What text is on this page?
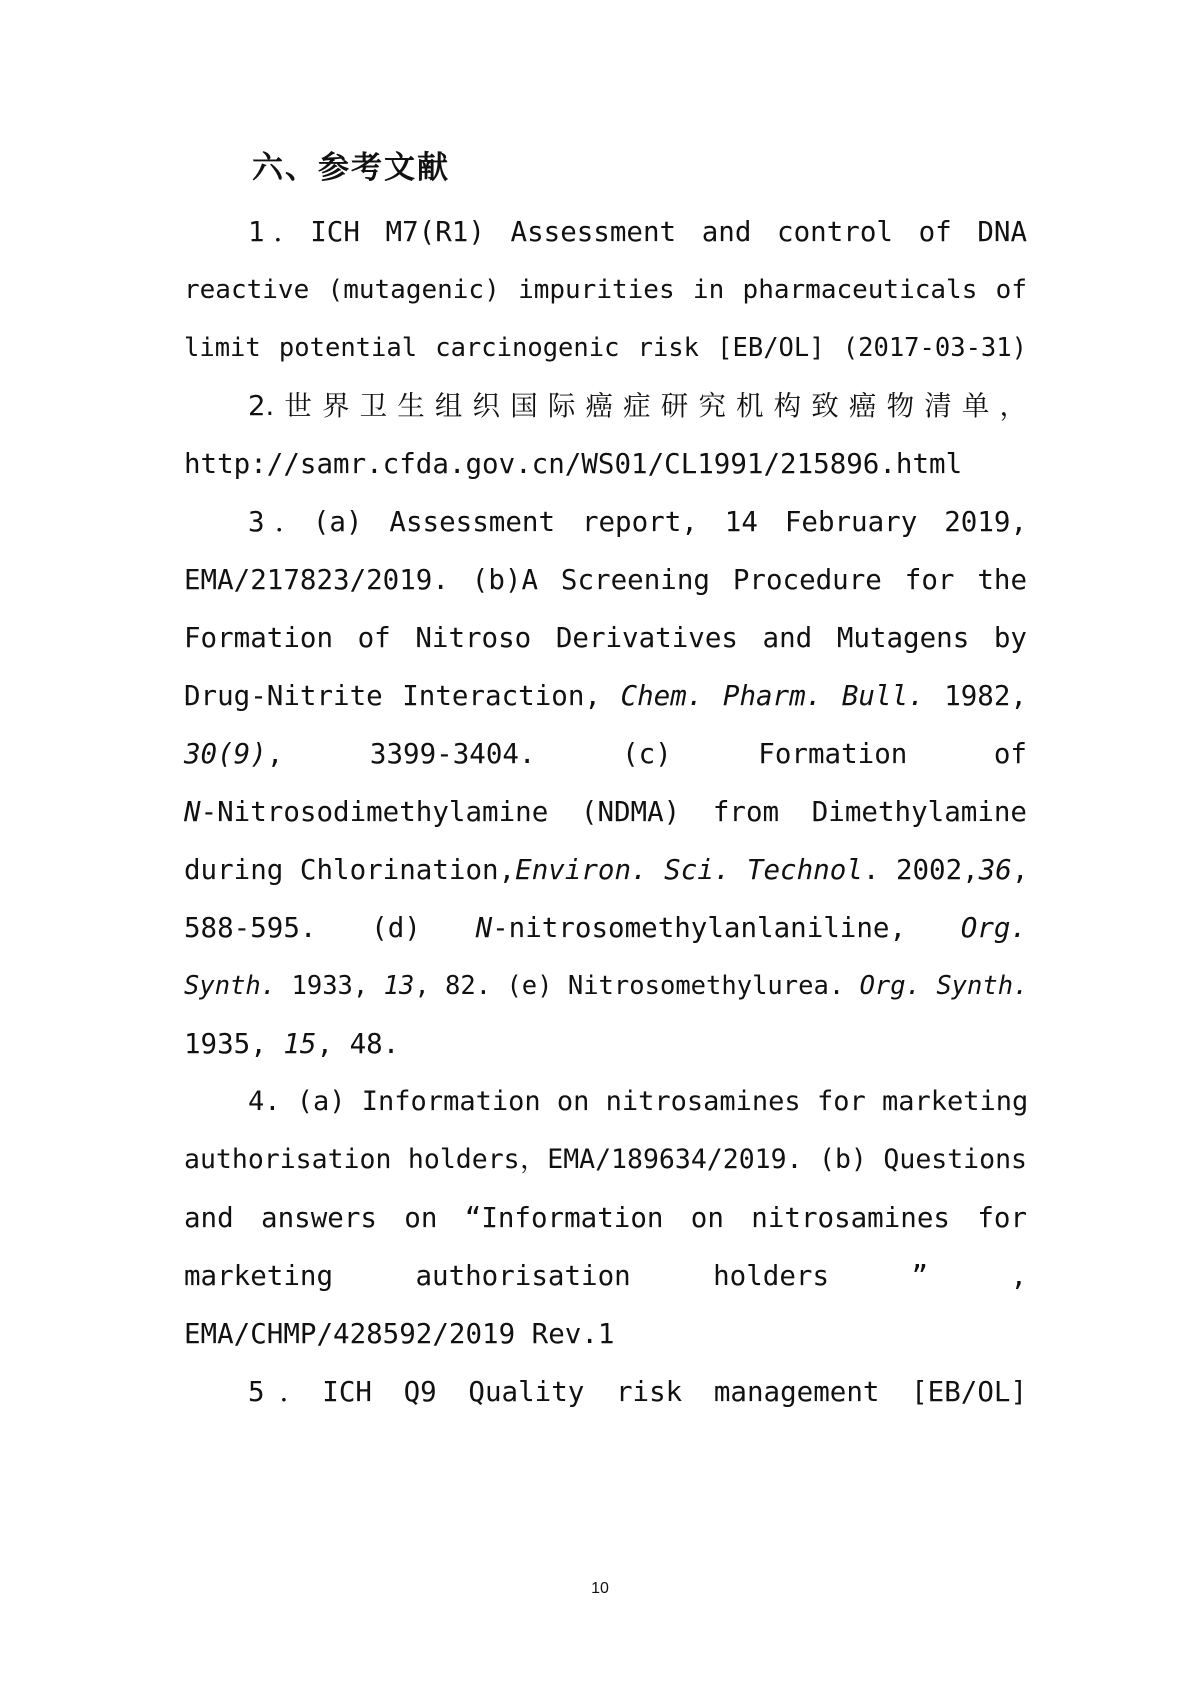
六、参考文献
1．ICH M7(R1) Assessment and control of DNA
reactive (mutagenic) impurities in pharmaceuticals of
limit potential carcinogenic risk [EB/OL] (2017-03-31)
2.世界卫生组织国际癌症研究机构致癌物清单，
http://samr.cfda.gov.cn/WS01/CL1991/215896.html
3．(a) Assessment report, 14 February 2019,
EMA/217823/2019. (b)A Screening Procedure for the
Formation of Nitroso Derivatives and Mutagens by
Drug-Nitrite Interaction, Chem. Pharm. Bull. 1982,
30(9),	3399-3404.	(c)	Formation	of
N-Nitrosodimethylamine (NDMA) from Dimethylamine
during Chlorination,Environ. Sci. Technol. 2002,36,
588-595. (d) N-nitrosomethylanlaniline, Org.
Synth. 1933, 13, 82. (e) Nitrosomethylurea. Org. Synth.
1935, 15, 48.
4. (a) Information on nitrosamines for marketing
authorisation holders，EMA/189634/2019. (b) Questions
and answers on “Information on nitrosamines for
marketing	authorisation	holders	”	,
EMA/CHMP/428592/2019 Rev.1
5．ICH Q9 Quality risk management [EB/OL]
10
